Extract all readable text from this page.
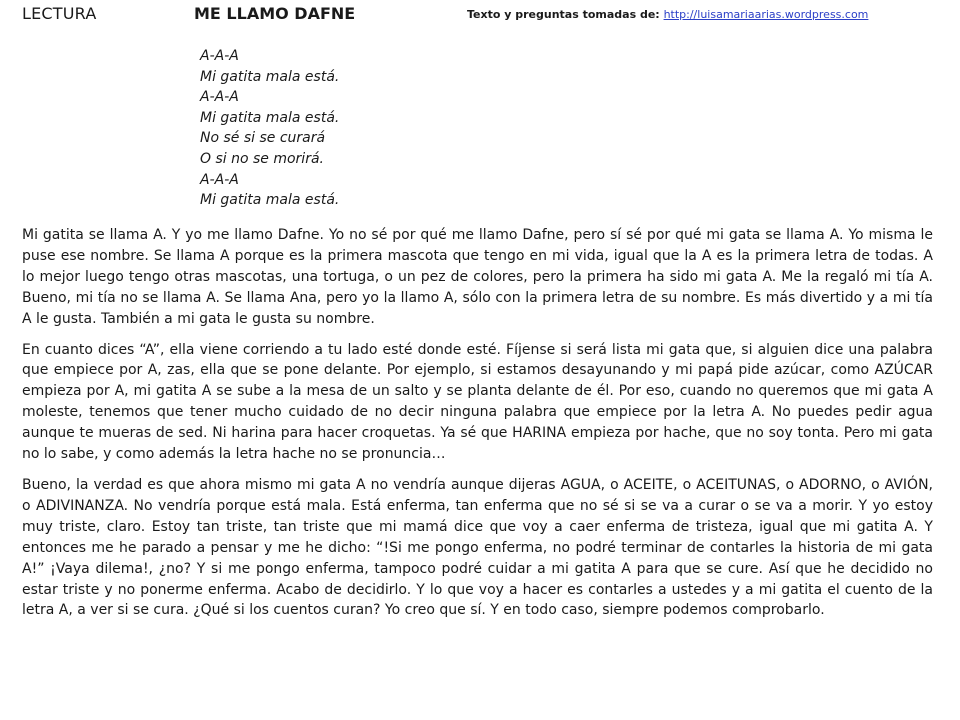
LECTURA	ME LLAMO DAFNE	Texto y preguntas tomadas de: http://luisamariaarias.wordpress.com
A-A-A
Mi gatita mala está.
A-A-A
Mi gatita mala está.
No sé si se curará
O si no se morirá.
A-A-A
Mi gatita mala está.

Mi gatita se llama A. Y yo me llamo Dafne. Yo no sé por qué me llamo Dafne, pero sí sé por qué mi gata se llama A. Yo misma le puse ese nombre. Se llama A porque es la primera mascota que tengo en mi vida, igual que la A es la primera letra de todas. A lo mejor luego tengo otras mascotas, una tortuga, o un pez de colores, pero la primera ha sido mi gata A. Me la regaló mi tía A. Bueno, mi tía no se llama A. Se llama Ana, pero yo la llamo A, sólo con la primera letra de su nombre. Es más divertido y a mi tía A le gusta. También a mi gata le gusta su nombre.

En cuanto dices “A”, ella viene corriendo a tu lado esté donde esté. Fíjense si será lista mi gata que, si alguien dice una palabra que empiece por A, zas, ella que se pone delante. Por ejemplo, si estamos desayunando y mi papá pide azúcar, como AZÚCAR empieza por A, mi gatita A se sube a la mesa de un salto y se planta delante de él. Por eso, cuando no queremos que mi gata A moleste, tenemos que tener mucho cuidado de no decir ninguna palabra que empiece por la letra A. No puedes pedir agua aunque te mueras de sed. Ni harina para hacer croquetas. Ya sé que HARINA empieza por hache, que no soy tonta. Pero mi gata no lo sabe, y como además la letra hache no se pronuncia…

Bueno, la verdad es que ahora mismo mi gata A no vendría aunque dijeras AGUA, o ACEITE, o ACEITUNAS, o ADORNO, o AVIÓN, o ADIVINANZA. No vendría porque está mala. Está enferma, tan enferma que no sé si se va a curar o se va a morir. Y yo estoy muy triste, claro. Estoy tan triste, tan triste que mi mamá dice que voy a caer enferma de tristeza, igual que mi gatita A. Y entonces me he parado a pensar y me he dicho: “!Si me pongo enferma, no podré terminar de contarles la historia de mi gata A!” ¡Vaya dilema!, ¿no? Y si me pongo enferma, tampoco podré cuidar a mi gatita A para que se cure. Así que he decidido no estar triste y no ponerme enferma. Acabo de decidirlo. Y lo que voy a hacer es contarles a ustedes y a mi gatita el cuento de la letra A, a ver si se cura. ¿Qué si los cuentos curan? Yo creo que sí. Y en todo caso, siempre podemos comprobarlo.
